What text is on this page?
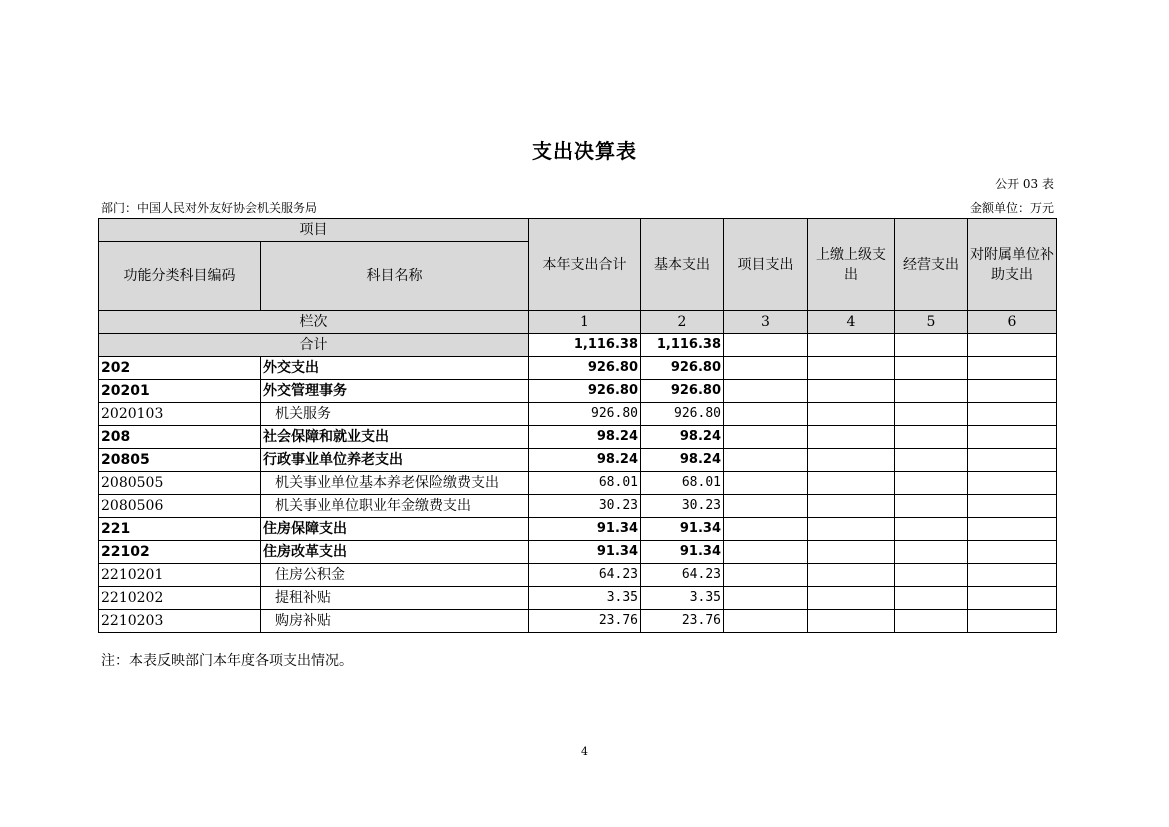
支出决算表
公开 03 表
部门：中国人民对外友好协会机关服务局	金额单位：万元
项目		本年支出合计	基本支出	项目支出	上缴上级支出	经营支出	对附属单位补助支出
功能分类科目编码	科目名称						
栏次		1	2	3	4	5	6
合计		1,116.38	1,116.38				
202	外交支出	926.80	926.80				
20201	外交管理事务	926.80	926.80				
2020103	机关服务	926.80	926.80				
208	社会保障和就业支出	98.24	98.24				
20805	行政事业单位养老支出	98.24	98.24				
2080505	机关事业单位基本养老保险缴费支出	68.01	68.01				
2080506	机关事业单位职业年金缴费支出	30.23	30.23				
221	住房保障支出	91.34	91.34				
22102	住房改革支出	91.34	91.34				
2210201	住房公积金	64.23	64.23				
2210202	提租补贴	3.35	3.35				
2210203	购房补贴	23.76	23.76				
注：本表反映部门本年度各项支出情况。
4
